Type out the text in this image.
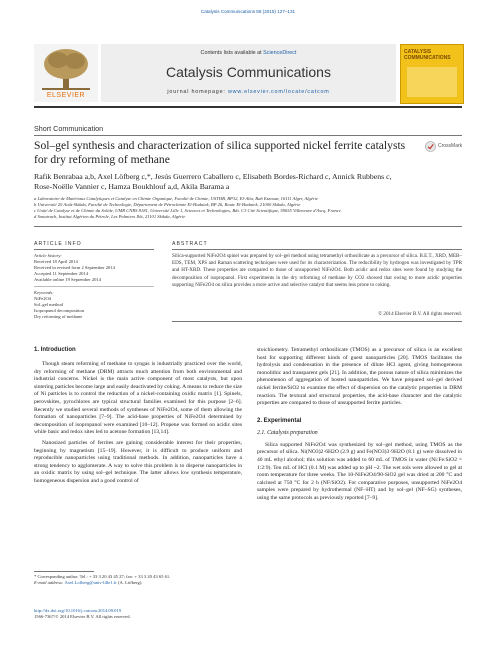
Catalysis Communications 58 (2015) 127–131
ELSEVIER
Contents lists available at ScienceDirect
Catalysis Communications
journal homepage: www.elsevier.com/locate/catcom
CATALYSIS COMMUNICATIONS
Short Communication
Sol–gel synthesis and characterization of silica supported nickel ferrite catalysts for dry reforming of methane
CrossMark
Rafik Benrabaa a,b, Axel Löfberg c,*, Jesús Guerrero Caballero c, Elisabeth Bordes-Richard c, Annick Rubbens c,
Rose-Noëlle Vannier c, Hamza Boukhlouf a,d, Akila Barama a
a Laboratoire de Matériaux Catalytiques et Catalyse en Chimie Organique, Faculté de Chimie, USTHB, BP32, El-Alia, Bab Ezzouar, 16111 Alger, Algérie
b Université 20 Août-Skikda, Faculté de Technologie, Département de Pétrochimie El-Hadaiek, BP 26, Route El-Hadaiek, 21000 Skikda, Algérie
c Unité de Catalyse et de Chimie du Solide, UMR CNRS 8181, Université Lille 1, Sciences et Technologies, Bât. C3 Cité Scientifique, 59655 Villeneuve d'Ascq, France
d Sonatrach, Institut Algérien du Pétrole, Les Palmiers Ilôt, 21101 Skikda, Algérie
ARTICLE INFO
Article history:
Received 18 April 2014
Received in revised form 2 September 2014
Accepted 11 September 2014
Available online 19 September 2014
Keywords:
NiFe2O4
Sol–gel method
Isopropanol decomposition
Dry reforming of methane
ABSTRACT
Silica-supported NiFe2O4 spinel was prepared by sol–gel method using tetramethyl orthosilicate as a precursor of silica. B.E.T., XRD, MEB–EDS, TEM, XPS and Raman scattering techniques were used for its characterization. The reducibility by hydrogen was investigated by TPR and HT-XRD. These properties are compared to those of unsupported NiFe2O4. Both acidic and redox sites were found by studying the decomposition of isopropanol. First experiments in the dry reforming of methane by CO2 showed that owing to more acidic properties supporting NiFe2O4 on silica provides a more active and selective catalyst that seems less prone to coking.
© 2014 Elsevier B.V. All rights reserved.
1. Introduction

Though steam reforming of methane to syngas is industrially practiced over the world, dry reforming of methane (DRM) attracts much attention from both environmental and industrial concerns. Nickel is the main active component of most catalysts, but upon sintering particles become large and easily deactivated by coking. A means to reduce the size of Ni particles is to control the reduction of a nickel-containing oxidic matrix [1]. Spinels, perovskites, pyrochlores are typical structural families examined for this purpose [2–6]. Recently we studied several methods of syntheses of NiFe2O4, some of them allowing the formation of nanoparticles [7–9]. The acid-base properties of NiFe2O4 determined by decomposition of isopropanol were examined [10–12]. Propene was formed on acidic sites while basic and redox sites led to acetone formation [13,14].

Nanosized particles of ferrites are gaining considerable interest for their properties, beginning by magnetism [15–19]. However, it is difficult to produce uniform and reproducible nanoparticles using traditional methods. In addition, nanoparticles have a strong tendency to agglomerate. A way to solve this problem is to disperse nanoparticles in an oxidic matrix by using sol–gel technique. The latter allows low synthesis temperature, homogeneous dispersion and a good control of

* Corresponding author. Tel.: + 33 3 20 43 45 27; fax: + 33 3 20 43 65 61.
E-mail address: Axel.Lofberg@univ-lille1.fr (A. Löfberg).
http://dx.doi.org/10.1016/j.catcom.2014.09.019
1566-7367/© 2014 Elsevier B.V. All rights reserved.

stoichiometry. Tetramethyl orthosilicate (TMOS) as a precursor of silica is an excellent host for supporting different kinds of guest nanoparticles [20]. TMOS facilitates the hydrolysis and condensation in the presence of dilute HCl agent, giving homogeneous monolithic and transparent gels [21]. In addition, the porous nature of silica minimizes the phenomenon of aggregation of hosted nanoparticles. We have prepared sol–gel derived nickel ferrite/SiO2 to examine the effect of dispersion on the catalytic properties in DRM reaction. The textural and structural properties, the acid-base character and the catalytic properties are compared to those of unsupported ferrite particles.

2. Experimental
2.1. Catalysts preparation

Silica supported NiFe2O4 was synthesized by sol–gel method, using TMOS as the precursor of silica. Ni(NO3)2·6H2O (2.9 g) and Fe(NO3)3·9H2O (8.1 g) were dissolved in 40 mL ethyl alcohol; this solution was added to 60 mL of TMOS in water (Ni:Fe:SiO2 = 1:2:9). Ten mL of HCl (0.1 M) was added up to pH ~2. The wet sols were allowed to gel at room temperature for three weeks. The 10-NiFe2O4/90-SiO2 gel was dried at 200 °C and calcined at 750 °C for 2 h (NF/SiO2). For comparative purposes, unsupported NiFe2O4 samples were prepared by hydrothermal (NF–HT) and by sol–gel (NF–SG) syntheses, using the same protocols as previously reported [7–9].
